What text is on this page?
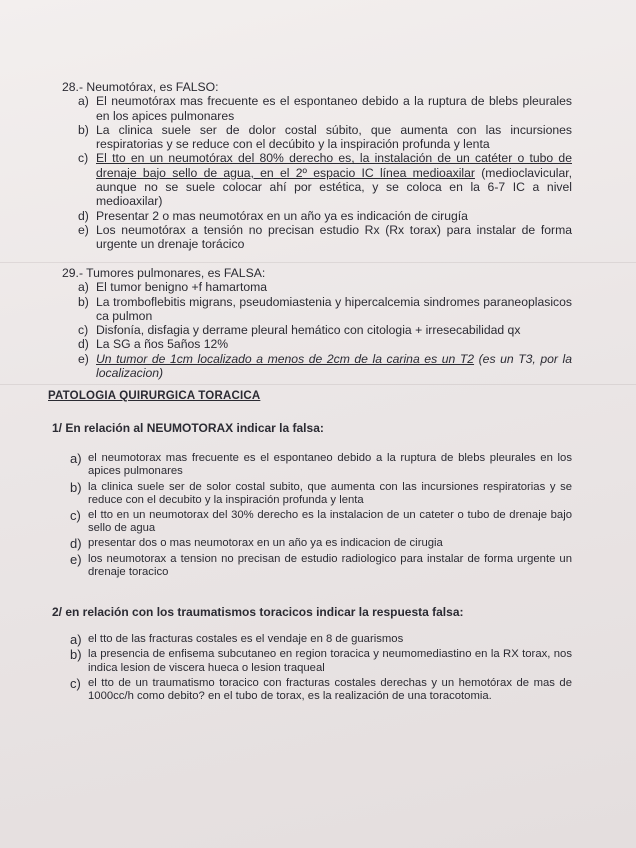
28.- Neumotórax, es FALSO:

a) El neumotórax mas frecuente es el espontaneo debido a la ruptura de blebs pleurales en los apices pulmonares
b) La clinica suele ser de dolor costal súbito, que aumenta con las incursiones respiratorias y se reduce con el decúbito y la inspiración profunda y lenta
c) El tto en un neumotórax del 80% derecho es, la instalación de un catéter o tubo de drenaje bajo sello de agua, en el 2º espacio IC línea medioaxilar (medioclavicular, aunque no se suele colocar ahí por estética, y se coloca en la 6-7 IC a nivel medioaxilar)
d) Presentar 2 o mas neumotórax en un año ya es indicación de cirugía
e) Los neumotórax a tensión no precisan estudio Rx (Rx torax) para instalar de forma urgente un drenaje torácico

29.- Tumores pulmonares, es FALSA:

a) El tumor benigno +f hamartoma
b) La tromboflebitis migrans, pseudomiastenia y hipercalcemia sindromes paraneoplasicos ca pulmon
c) Disfonía, disfagia y derrame pleural hemático con citologia + irresecabilidad qx
d) La SG a ños 5años 12%
e) Un tumor de 1cm localizado a menos de 2cm de la carina es un T2 (es un T3, por la localizacion)
PATOLOGIA QUIRURGICA TORACICA

1/ En relación al NEUMOTORAX indicar la falsa:

a) el neumotorax mas frecuente es el espontaneo debido a la ruptura de blebs pleurales en los apices pulmonares
b) la clinica suele ser de solor costal subito, que aumenta con las incursiones respiratorias y se reduce con el decubito y la inspiración profunda y lenta
c) el tto en un neumotorax del 30% derecho es la instalacion de un cateter o tubo de drenaje bajo sello de agua
d) presentar dos o mas neumotorax en un año ya es indicacion de cirugia
e) los neumotorax a tension no precisan de estudio radiologico para instalar de forma urgente un drenaje toracico

2/ en relación con los traumatismos toracicos indicar la respuesta falsa:

a) el tto de las fracturas costales es el vendaje en 8 de guarismos
b) la presencia de enfisema subcutaneo en region toracica y neumomediastino en la RX torax, nos indica lesion de viscera hueca o lesion traqueal
c) el tto de un traumatismo toracico con fracturas costales derechas y un hemotórax de mas de 1000cc/h como debito? en el tubo de torax, es la realización de una toracotomia.
